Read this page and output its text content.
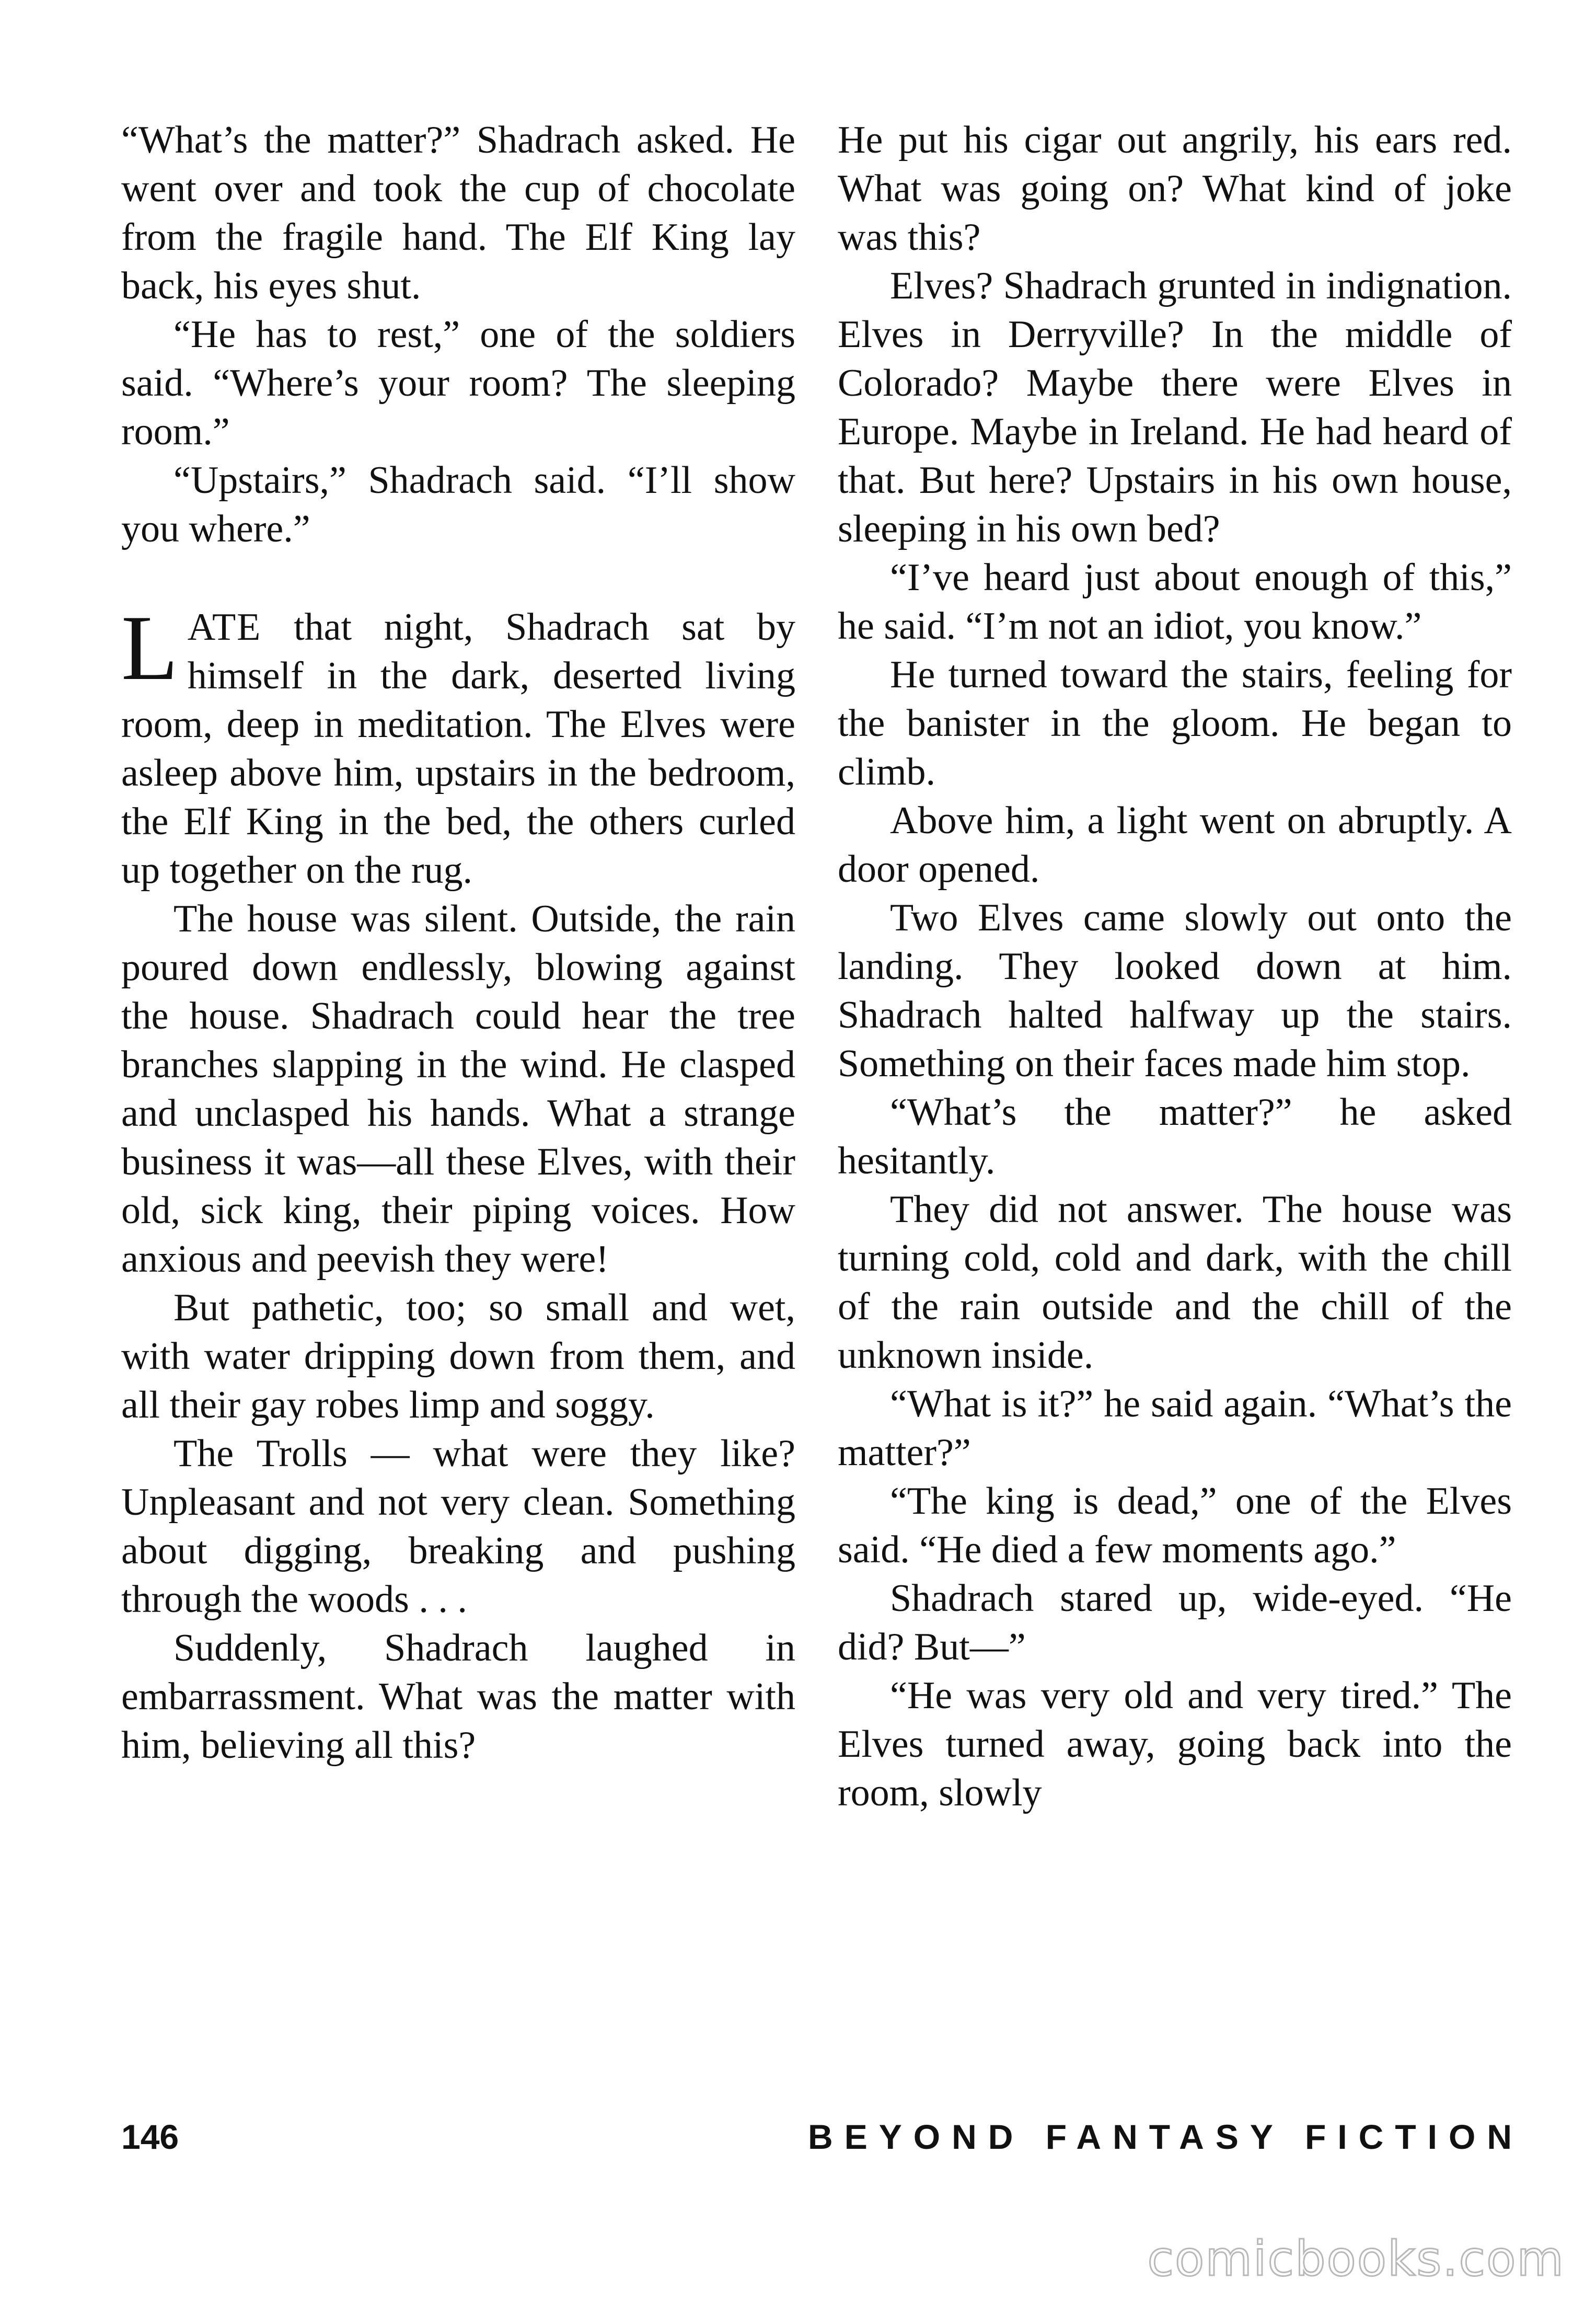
“What’s the matter?” Shadrach asked. He went over and took the cup of chocolate from the fragile hand. The Elf King lay back, his eyes shut.

“He has to rest,” one of the soldiers said. “Where’s your room? The sleeping room.”

“Upstairs,” Shadrach said. “I’ll show you where.”

LATE that night, Shadrach sat by himself in the dark, deserted living room, deep in meditation. The Elves were asleep above him, upstairs in the bedroom, the Elf King in the bed, the others curled up together on the rug.

The house was silent. Outside, the rain poured down endlessly, blowing against the house. Shadrach could hear the tree branches slapping in the wind. He clasped and unclasped his hands. What a strange business it was—all these Elves, with their old, sick king, their piping voices. How anxious and peevish they were!

But pathetic, too; so small and wet, with water dripping down from them, and all their gay robes limp and soggy.

The Trolls — what were they like? Unpleasant and not very clean. Something about digging, breaking and pushing through the woods . . .

Suddenly, Shadrach laughed in embarrassment. What was the matter with him, believing all this?

He put his cigar out angrily, his ears red. What was going on? What kind of joke was this?

Elves? Shadrach grunted in indignation. Elves in Derryville? In the middle of Colorado? Maybe there were Elves in Europe. Maybe in Ireland. He had heard of that. But here? Upstairs in his own house, sleeping in his own bed?

“I’ve heard just about enough of this,” he said. “I’m not an idiot, you know.”

He turned toward the stairs, feeling for the banister in the gloom. He began to climb.

Above him, a light went on abruptly. A door opened.

Two Elves came slowly out onto the landing. They looked down at him. Shadrach halted halfway up the stairs. Something on their faces made him stop.

“What’s the matter?” he asked hesitantly.

They did not answer. The house was turning cold, cold and dark, with the chill of the rain outside and the chill of the unknown inside.

“What is it?” he said again. “What’s the matter?”

“The king is dead,” one of the Elves said. “He died a few moments ago.”

Shadrach stared up, wide-eyed. “He did? But—”

“He was very old and very tired.” The Elves turned away, going back into the room, slowly

146	BEYOND FANTASY FICTION
comicbooks.com
